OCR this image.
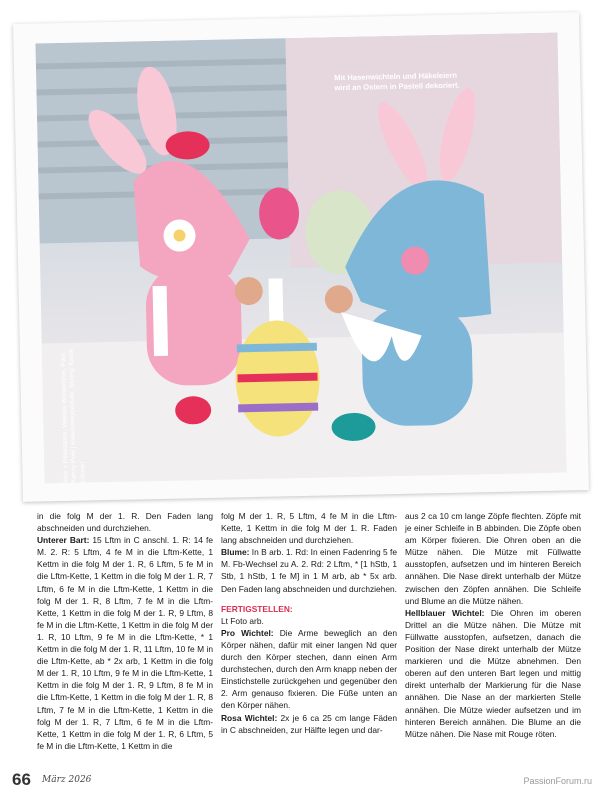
Mit Hasenwichteln und Häkeleiern wird an Ostern in Pastell dekoriert.
Idee + Realisation: Valeska Wombacher, Foto: Kenny Pool | www.kennypool.de, Styling: Katrin Limmer

in die folg M der 1. R. Den Faden lang abschneiden und durchziehen.

Unterer Bart: 15 Lftm in C anschl. 1. R: 14 fe M. 2. R: 5 Lftm, 4 fe M in die Lftm-Kette, 1 Kettm in die folg M der 1. R, 6 Lftm, 5 fe M in die Lftm-Kette, 1 Kettm in die folg M der 1. R, 7 Lftm, 6 fe M in die Lftm-Kette, 1 Kettm in die folg M der 1. R, 8 Lftm, 7 fe M in die Lftm-Kette, 1 Kettm in die folg M der 1. R, 9 Lftm, 8 fe M in die Lftm-Kette, 1 Kettm in die folg M der 1. R, 10 Lftm, 9 fe M in die Lftm-Kette, * 1 Kettm in die folg M der 1. R, 11 Lftm, 10 fe M in die Lftm-Kette, ab * 2x arb, 1 Kettm in die folg M der 1. R, 10 Lftm, 9 fe M in die Lftm-Kette, 1 Kettm in die folg M der 1. R, 9 Lftm, 8 fe M in die Lftm-Kette, 1 Kettm in die folg M der 1. R, 8 Lftm, 7 fe M in die Lftm-Kette, 1 Kettm in die folg M der 1. R, 7 Lftm, 6 fe M in die Lftm-Kette, 1 Kettm in die folg M der 1. R, 6 Lftm, 5 fe M in die Lftm-Kette, 1 Kettm in die

folg M der 1. R, 5 Lftm, 4 fe M in die Lftm-Kette, 1 Kettm in die folg M der 1. R. Faden lang abschneiden und durchziehen.

Blume: In B arb. 1. Rd: In einen Fadenring 5 fe M. Fb-Wechsel zu A. 2. Rd: 2 Lftm, * [1 hStb, 1 Stb, 1 hStb, 1 fe M] in 1 M arb, ab * 5x arb. Den Faden lang abschneiden und durchziehen.

FERTIGSTELLEN:

Lt Foto arb.

Pro Wichtel: Die Arme beweglich an den Körper nähen, dafür mit einer langen Nd quer durch den Körper stechen, dann einen Arm durchstechen, durch den Arm knapp neben der Einstichstelle zurückgehen und gegenüber den 2. Arm genauso fixieren. Die Füße unten an den Körper nähen.

Rosa Wichtel: 2x je 6 ca 25 cm lange Fäden in C abschneiden, zur Hälfte legen und dar-

aus 2 ca 10 cm lange Zöpfe flechten. Zöpfe mit je einer Schleife in B abbinden. Die Zöpfe oben am Körper fixieren. Die Ohren oben an die Mütze nähen. Die Mütze mit Füllwatte ausstopfen, aufsetzen und im hinteren Bereich annähen. Die Nase direkt unterhalb der Mütze zwischen den Zöpfen annähen. Die Schleife und Blume an die Mütze nähen.

Hellblauer Wichtel: Die Ohren im oberen Drittel an die Mütze nähen. Die Mütze mit Füllwatte ausstopfen, aufsetzen, danach die Position der Nase direkt unterhalb der Mütze markieren und die Mütze abnehmen. Den oberen auf den unteren Bart legen und mittig direkt unterhalb der Markierung für die Nase annähen. Die Nase an der markierten Stelle annähen. Die Mütze wieder aufsetzen und im hinteren Bereich annähen. Die Blume an die Mütze nähen. Die Nase mit Rouge röten.

66 März 2026	PassionForum.ru
